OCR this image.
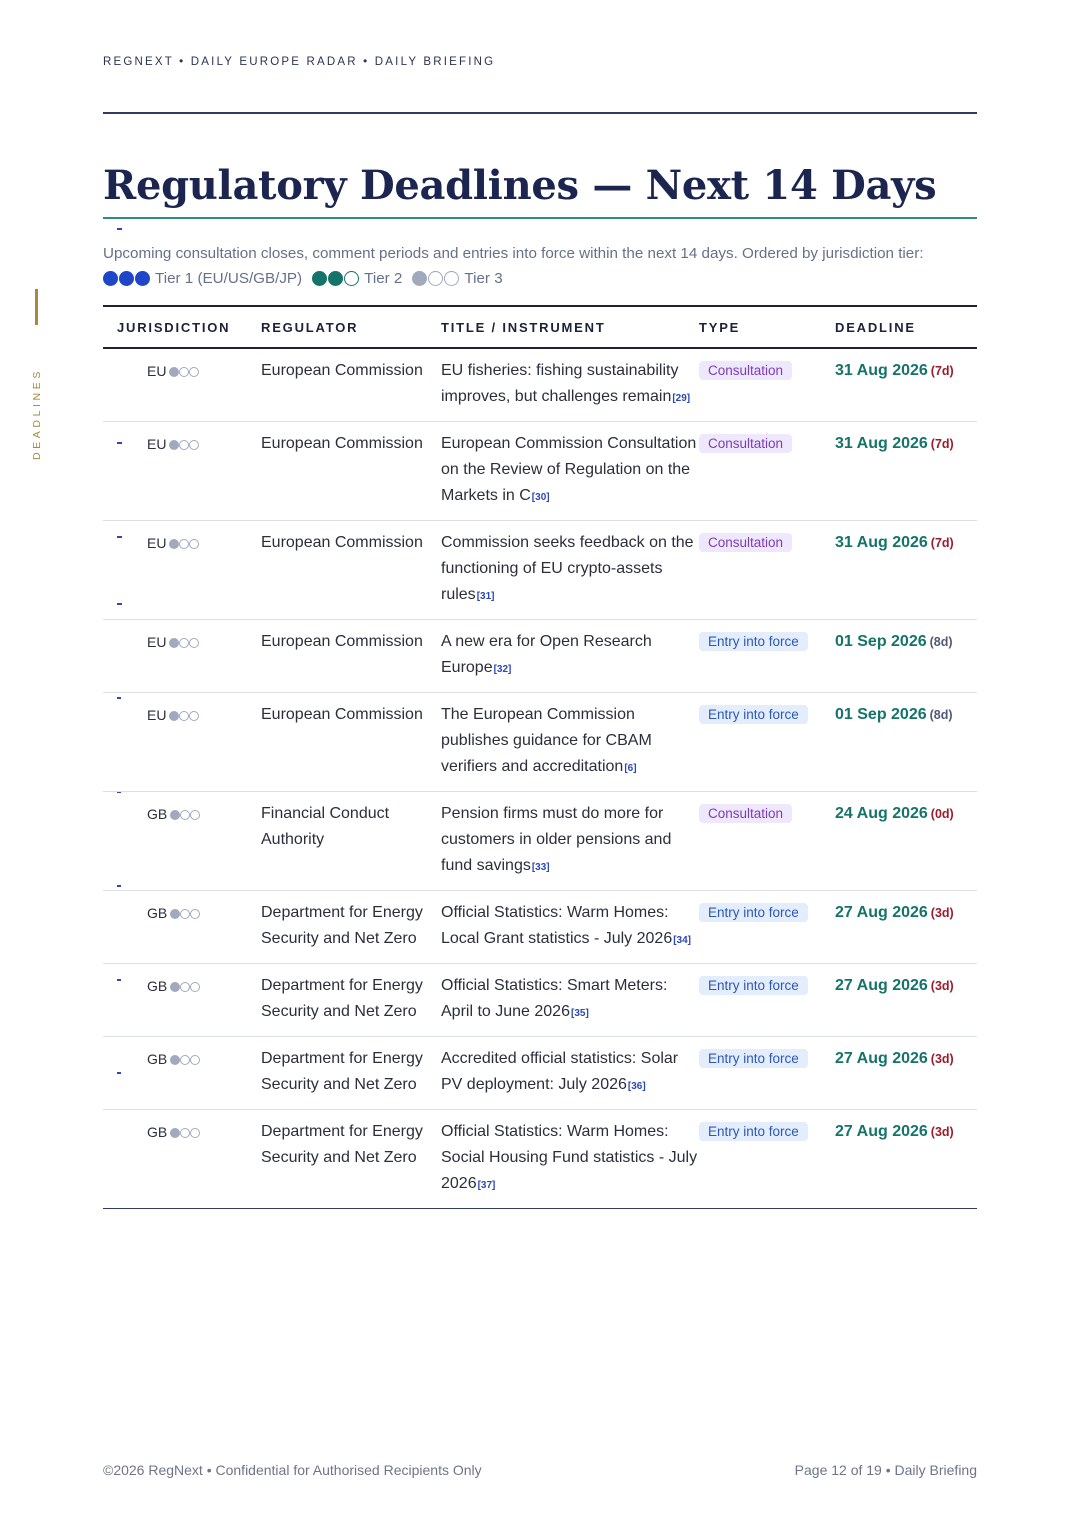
REGNEXT • DAILY EUROPE RADAR • DAILY BRIEFING
DEADLINES
Regulatory Deadlines — Next 14 Days
Upcoming consultation closes, comment periods and entries into force within the next 14 days. Ordered by jurisdiction tier:
Tier 1 (EU/US/GB/JP)	Tier 2	Tier 3
JURISDICTION	REGULATOR	TITLE / INSTRUMENT	TYPE	DEADLINE
EU	European Commission	EU fisheries: fishing sustainability improves, but challenges remain[29]	Consultation	31 Aug 2026 (7d)
EU	European Commission	European Commission Consultation on the Review of Regulation on the Markets in C[30]	Consultation	31 Aug 2026 (7d)
EU	European Commission	Commission seeks feedback on the functioning of EU crypto-assets rules[31]	Consultation	31 Aug 2026 (7d)
EU	European Commission	A new era for Open Research Europe[32]	Entry into force	01 Sep 2026 (8d)
EU	European Commission	The European Commission publishes guidance for CBAM verifiers and accreditation[6]	Entry into force	01 Sep 2026 (8d)
GB	Financial Conduct Authority	Pension firms must do more for customers in older pensions and fund savings[33]	Consultation	24 Aug 2026 (0d)
GB	Department for Energy Security and Net Zero	Official Statistics: Warm Homes: Local Grant statistics - July 2026[34]	Entry into force	27 Aug 2026 (3d)
GB	Department for Energy Security and Net Zero	Official Statistics: Smart Meters: April to June 2026[35]	Entry into force	27 Aug 2026 (3d)
GB	Department for Energy Security and Net Zero	Accredited official statistics: Solar PV deployment: July 2026[36]	Entry into force	27 Aug 2026 (3d)
GB	Department for Energy Security and Net Zero	Official Statistics: Warm Homes: Social Housing Fund statistics - July 2026[37]	Entry into force	27 Aug 2026 (3d)
©2026 RegNext • Confidential for Authorised Recipients Only	Page 12 of 19 • Daily Briefing
